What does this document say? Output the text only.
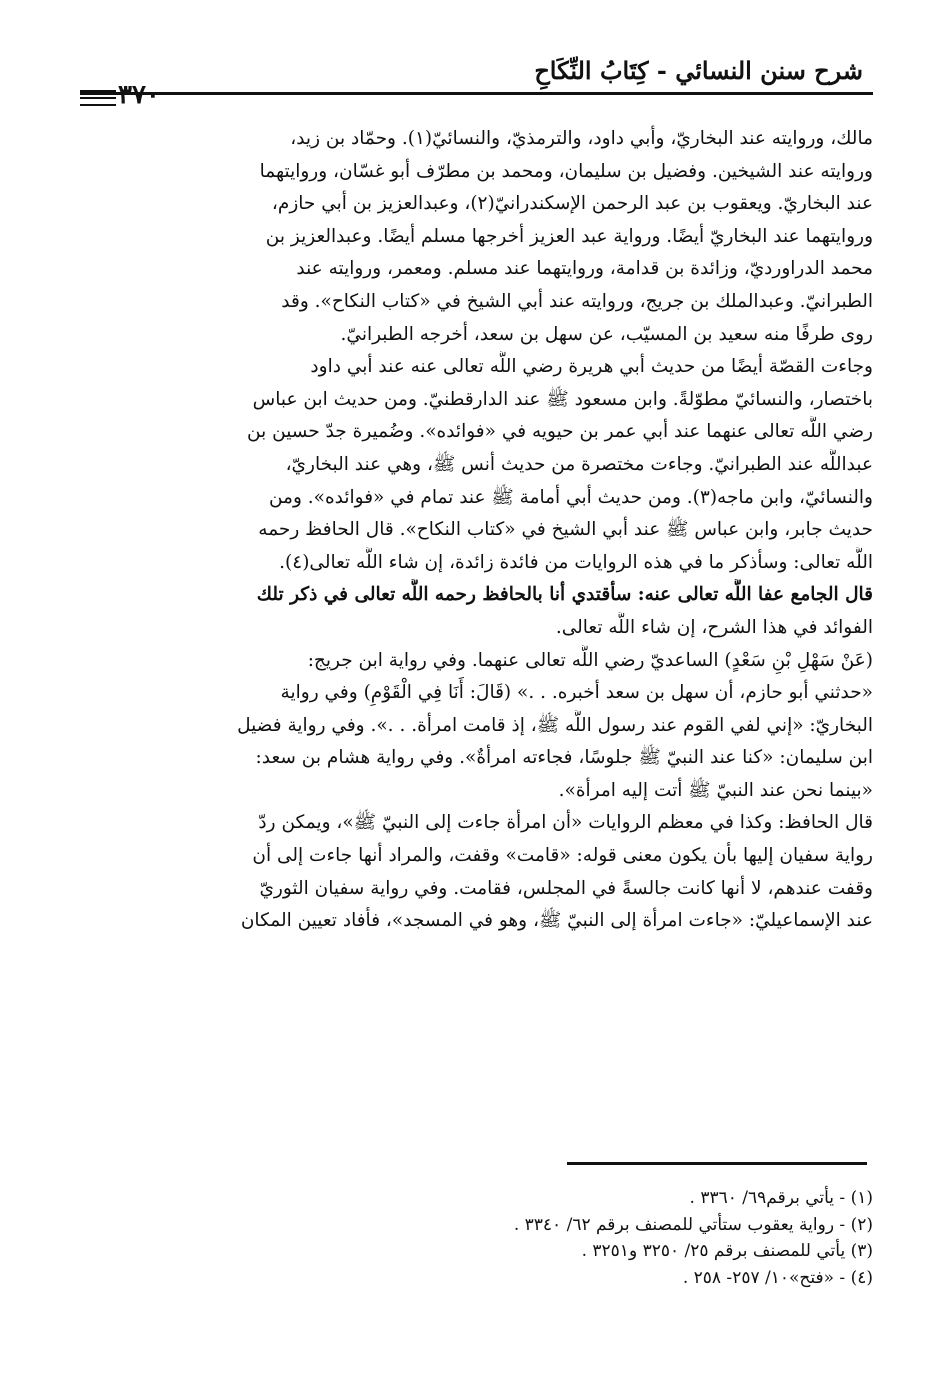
شرح سنن النسائي - كِتَابُ النِّكَاحِ
٣٧٠
مالك، وروايته عند البخاريّ، وأبي داود، والترمذيّ، والنسائيّ(١). وحمّاد بن زيد،
وروايته عند الشيخين. وفضيل بن سليمان، ومحمد بن مطرّف أبو غسّان، وروايتهما
عند البخاريّ. ويعقوب بن عبد الرحمن الإسكندرانيّ(٢)، وعبدالعزيز بن أبي حازم،
وروايتهما عند البخاريّ أيضًا. ورواية عبد العزيز أخرجها مسلم أيضًا. وعبدالعزيز بن
محمد الدراورديّ، وزائدة بن قدامة، وروايتهما عند مسلم. ومعمر، وروايته عند
الطبرانيّ. وعبدالملك بن جريج، وروايته عند أبي الشيخ في «كتاب النكاح». وقد
روى طرفًا منه سعيد بن المسيّب، عن سهل بن سعد، أخرجه الطبرانيّ.
وجاءت القصّة أيضًا من حديث أبي هريرة رضي اللَّه تعالى عنه عند أبي داود
باختصار، والنسائيّ مطوّلةً. وابن مسعود ﷺ عند الدارقطنيّ. ومن حديث ابن عباس
رضي اللَّه تعالى عنهما عند أبي عمر بن حيويه في «فوائده». وضُميرة جدّ حسين بن
عبداللَّه عند الطبرانيّ. وجاءت مختصرة من حديث أنس ﷺ، وهي عند البخاريّ،
والنسائيّ، وابن ماجه(٣). ومن حديث أبي أمامة ﷺ عند تمام في «فوائده». ومن
حديث جابر، وابن عباس ﷺ عند أبي الشيخ في «كتاب النكاح». قال الحافظ رحمه
اللَّه تعالى: وسأذكر ما في هذه الروايات من فائدة زائدة، إن شاء اللَّه تعالى(٤).
قال الجامع عفا اللَّه تعالى عنه: سأقتدي أنا بالحافظ رحمه اللَّه تعالى في ذكر تلك
الفوائد في هذا الشرح، إن شاء اللَّه تعالى.
(عَنْ سَهْلِ بْنِ سَعْدٍ) الساعديّ رضي اللَّه تعالى عنهما. وفي رواية ابن جريج:
«حدثني أبو حازم، أن سهل بن سعد أخبره. . .» (قَالَ: أَنَا فِي الْقَوْمِ) وفي رواية
البخاريّ: «إني لفي القوم عند رسول اللَّه ﷺ، إذ قامت امرأة. . .». وفي رواية فضيل
ابن سليمان: «كنا عند النبيّ ﷺ جلوسًا، فجاءته امرأةٌ». وفي رواية هشام بن سعد:
«بينما نحن عند النبيّ ﷺ أتت إليه امرأة».
قال الحافظ: وكذا في معظم الروايات «أن امرأة جاءت إلى النبيّ ﷺ»، ويمكن ردّ
رواية سفيان إليها بأن يكون معنى قوله: «قامت» وقفت، والمراد أنها جاءت إلى أن
وقفت عندهم، لا أنها كانت جالسةً في المجلس، فقامت. وفي رواية سفيان الثوريّ
عند الإسماعيليّ: «جاءت امرأة إلى النبيّ ﷺ، وهو في المسجد»، فأفاد تعيين المكان
(١) - يأتي برقم٦٩/ ٣٣٦٠ .
(٢) - رواية يعقوب ستأتي للمصنف برقم ٦٢/ ٣٣٤٠ .
(٣) يأتي للمصنف برقم ٢٥/ ٣٢٥٠ و٣٢٥١ .
(٤) - «فتح»١٠/ ٢٥٧- ٢٥٨ .
